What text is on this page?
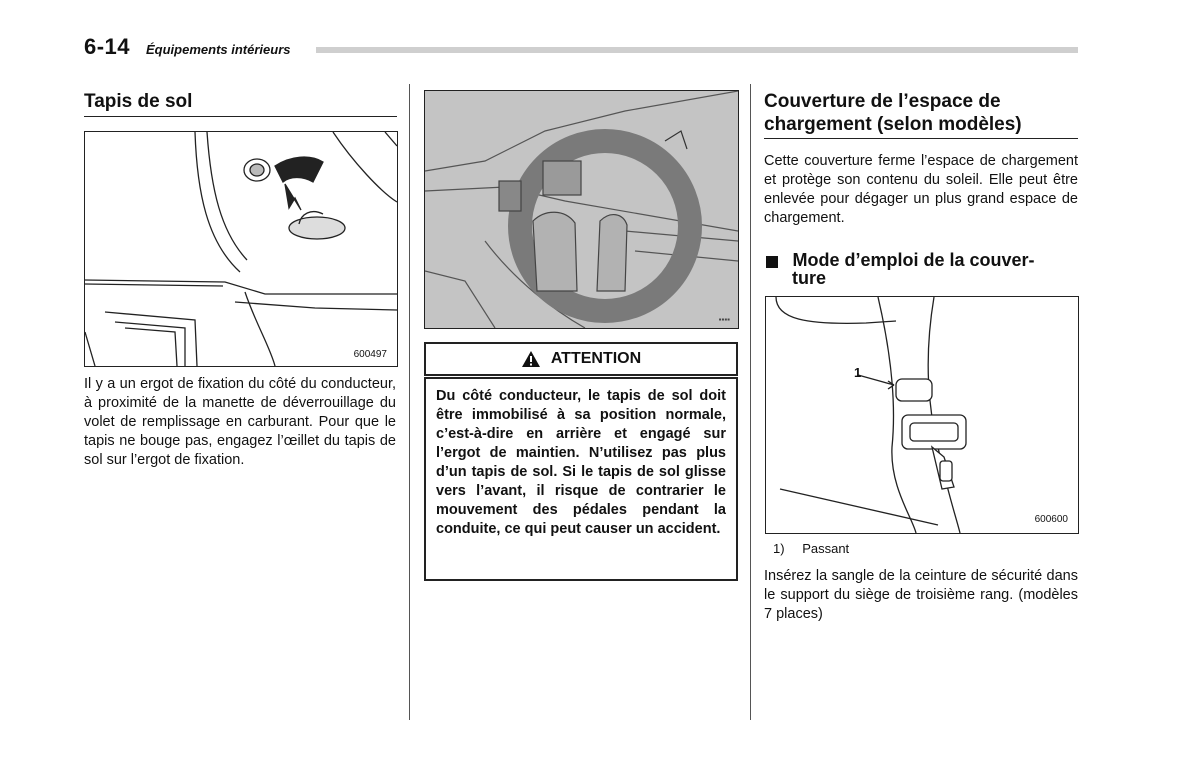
6-14 Équipements intérieurs
Tapis de sol
600497

Il y a un ergot de fixation du côté du conducteur, à proximité de la manette de déverrouillage du volet de remplissage en carburant. Pour que le tapis ne bouge pas, engagez l’œillet du tapis de sol sur l’ergot de fixation.

▪▪▪▪
ATTENTION
Du côté conducteur, le tapis de sol doit être immobilisé à sa position normale, c’est-à-dire en arrière et engagé sur l’ergot de maintien. N’utilisez pas plus d’un tapis de sol. Si le tapis de sol glisse vers l’avant, il risque de contrarier le mouvement des pédales pendant la conduite, ce qui peut causer un accident.
Couverture de l’espace de
chargement (selon modèles)

Cette couverture ferme l’espace de chargement et protège son contenu du soleil. Elle peut être enlevée pour dégager un plus grand espace de chargement.

Mode d’emploi de la couver-
ture
1
600600
1) Passant

Insérez la sangle de la ceinture de sécurité dans le support du siège de troisième rang. (modèles 7 places)
